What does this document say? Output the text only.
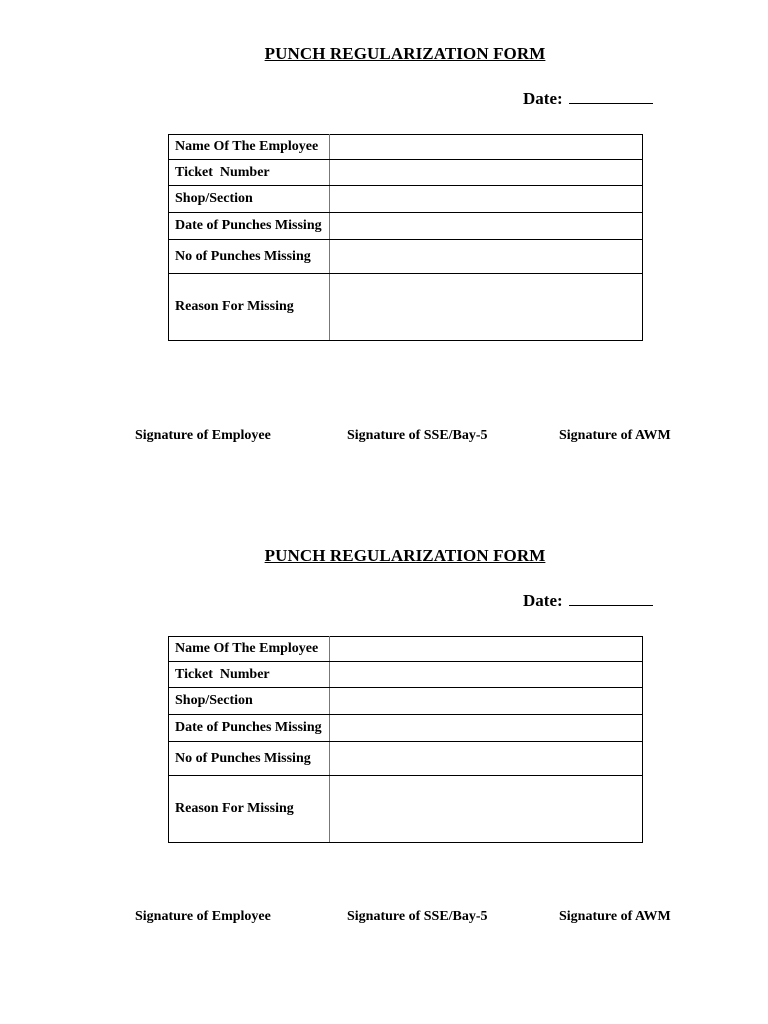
PUNCH REGULARIZATION FORM
Date:
Name Of The Employee	
Ticket  Number	
Shop/Section	
Date of Punches Missing	
No of Punches Missing	
Reason For Missing	
Signature of Employee	Signature of SSE/Bay-5	Signature of AWM
PUNCH REGULARIZATION FORM
Date:
Name Of The Employee	
Ticket  Number	
Shop/Section	
Date of Punches Missing	
No of Punches Missing	
Reason For Missing	
Signature of Employee	Signature of SSE/Bay-5	Signature of AWM
